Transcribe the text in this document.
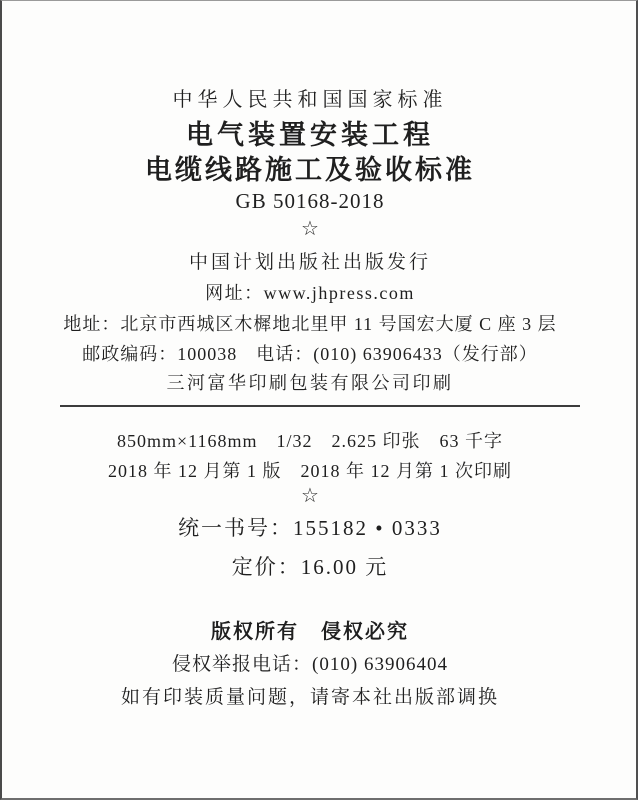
中华人民共和国国家标准
电气装置安装工程
电缆线路施工及验收标准
GB 50168-2018
☆
中国计划出版社出版发行
网址：www.jhpress.com
地址：北京市西城区木樨地北里甲 11 号国宏大厦 C 座 3 层
邮政编码：100038　电话：(010) 63906433（发行部）
三河富华印刷包装有限公司印刷
850mm×1168mm　1/32　2.625 印张　63 千字
2018 年 12 月第 1 版　2018 年 12 月第 1 次印刷
☆
统一书号：155182 • 0333
定价：16.00 元
版权所有　侵权必究
侵权举报电话：(010) 63906404
如有印装质量问题，请寄本社出版部调换
